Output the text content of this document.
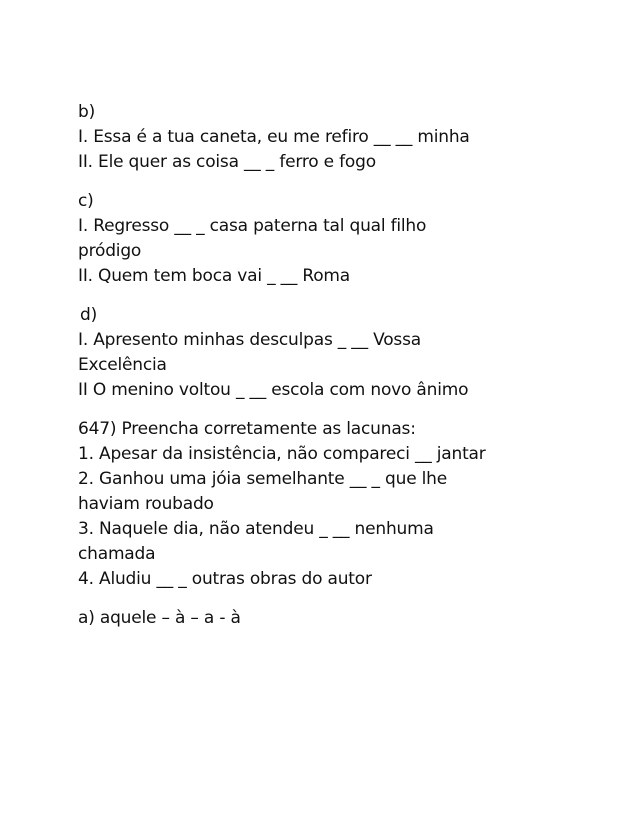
b)
I. Essa é a tua caneta, eu me refiro __ __ minha
II. Ele quer as coisa __ _ ferro e fogo
c)
I. Regresso __ _ casa paterna tal qual filho
pródigo
II. Quem tem boca vai _ __ Roma
d)
I. Apresento minhas desculpas _ __ Vossa
Excelência
II O menino voltou _ __ escola com novo ânimo
647) Preencha corretamente as lacunas:
1. Apesar da insistência, não compareci __ jantar
2. Ganhou uma jóia semelhante __ _ que lhe
haviam roubado
3. Naquele dia, não atendeu _ __ nenhuma
chamada
4. Aludiu __ _ outras obras do autor
a) aquele – à – a - à
